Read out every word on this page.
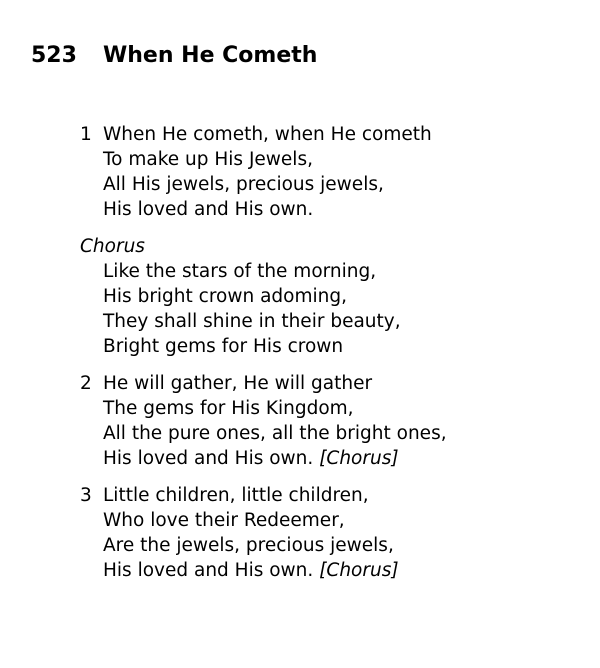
523 When He Cometh
1 When He cometh, when He cometh
To make up His Jewels,
All His jewels, precious jewels,
His loved and His own.
Chorus
Like the stars of the morning,
His bright crown adoming,
They shall shine in their beauty,
Bright gems for His crown
2 He will gather, He will gather
The gems for His Kingdom,
All the pure ones, all the bright ones,
His loved and His own. [Chorus]
3 Little children, little children,
Who love their Redeemer,
Are the jewels, precious jewels,
His loved and His own. [Chorus]
